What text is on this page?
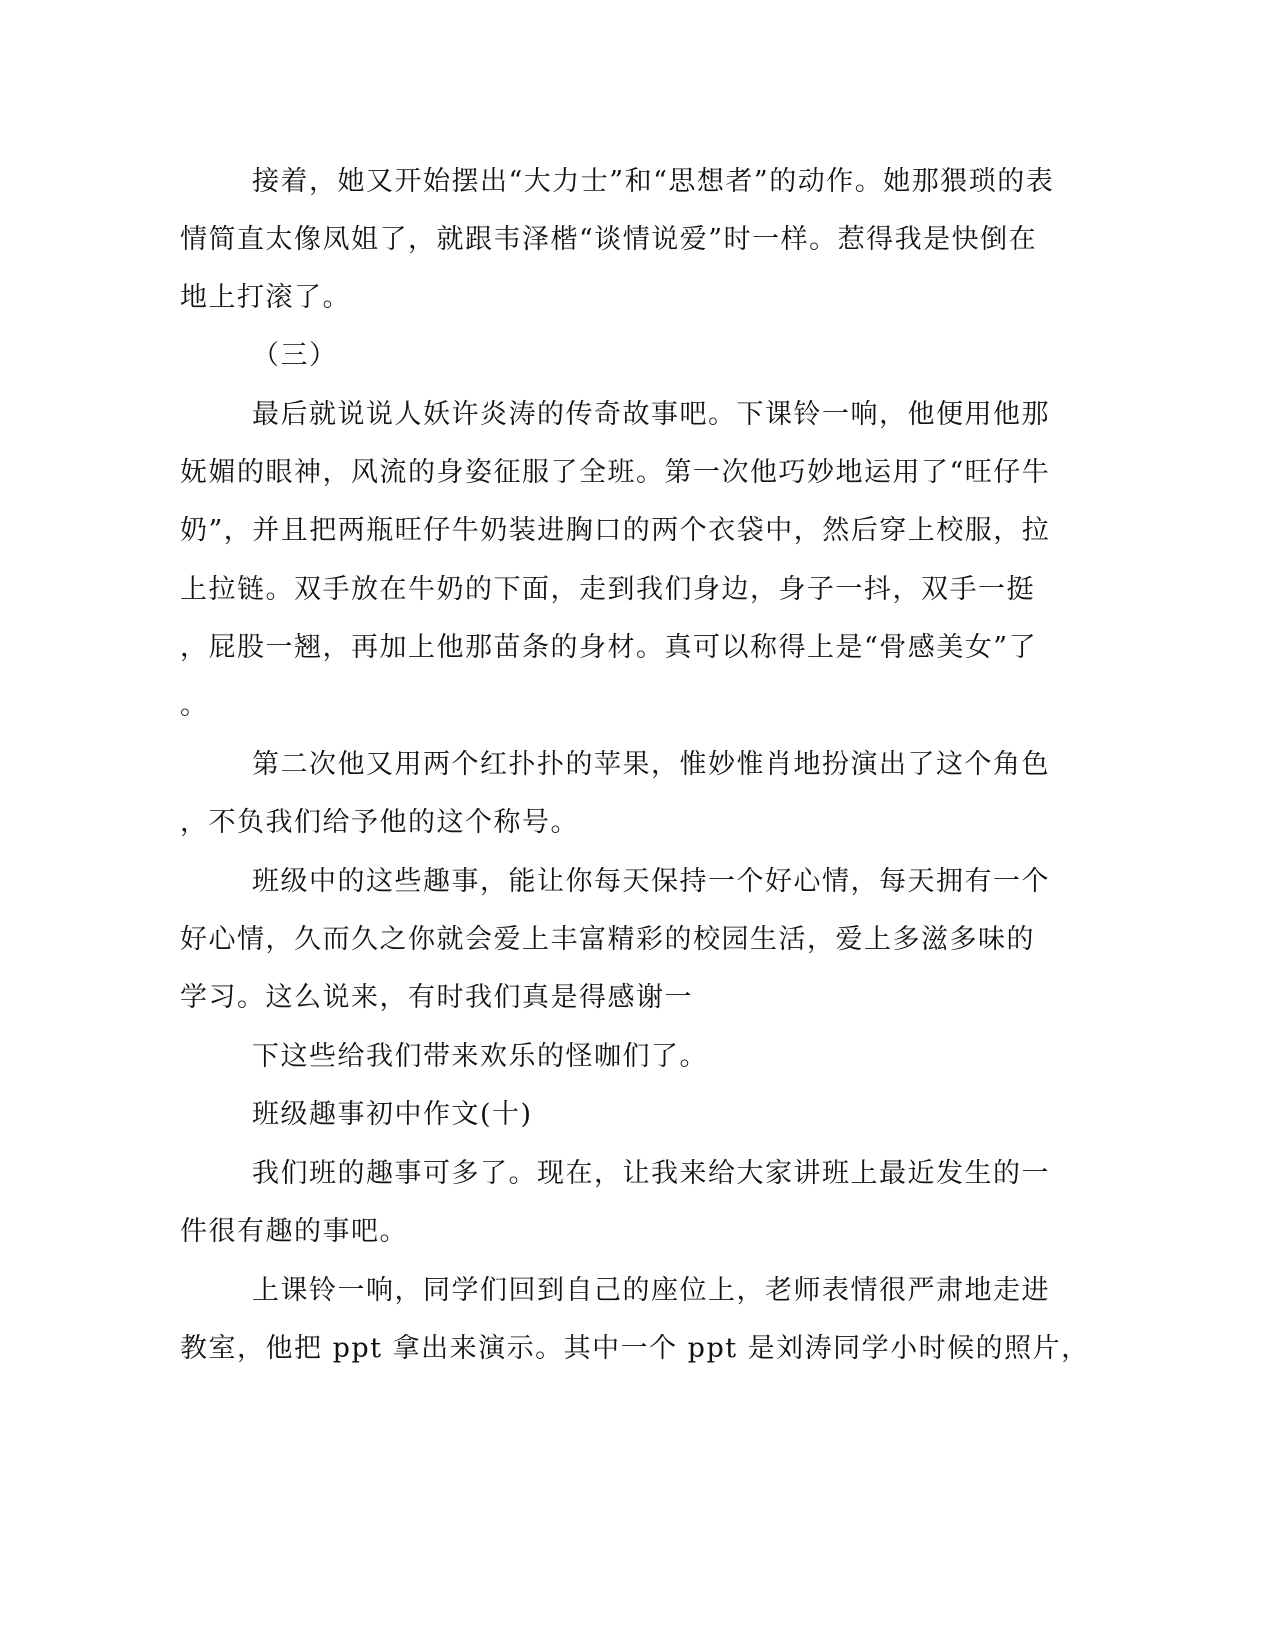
接着，她又开始摆出“大力士”和“思想者”的动作。她那猥琐的表
情简直太像凤姐了，就跟韦泽楷“谈情说爱”时一样。惹得我是快倒在
地上打滚了。
（三）
最后就说说人妖许炎涛的传奇故事吧。下课铃一响，他便用他那
妩媚的眼神，风流的身姿征服了全班。第一次他巧妙地运用了“旺仔牛
奶”，并且把两瓶旺仔牛奶装进胸口的两个衣袋中，然后穿上校服，拉
上拉链。双手放在牛奶的下面，走到我们身边，身子一抖，双手一挺
，屁股一翘，再加上他那苗条的身材。真可以称得上是“骨感美女”了
。
第二次他又用两个红扑扑的苹果，惟妙惟肖地扮演出了这个角色
，不负我们给予他的这个称号。
班级中的这些趣事，能让你每天保持一个好心情，每天拥有一个
好心情，久而久之你就会爱上丰富精彩的校园生活，爱上多滋多味的
学习。这么说来，有时我们真是得感谢一
下这些给我们带来欢乐的怪咖们了。
班级趣事初中作文(十)
我们班的趣事可多了。现在，让我来给大家讲班上最近发生的一
件很有趣的事吧。
上课铃一响，同学们回到自己的座位上，老师表情很严肃地走进
教室，他把 ppt 拿出来演示。其中一个 ppt 是刘涛同学小时候的照片，
